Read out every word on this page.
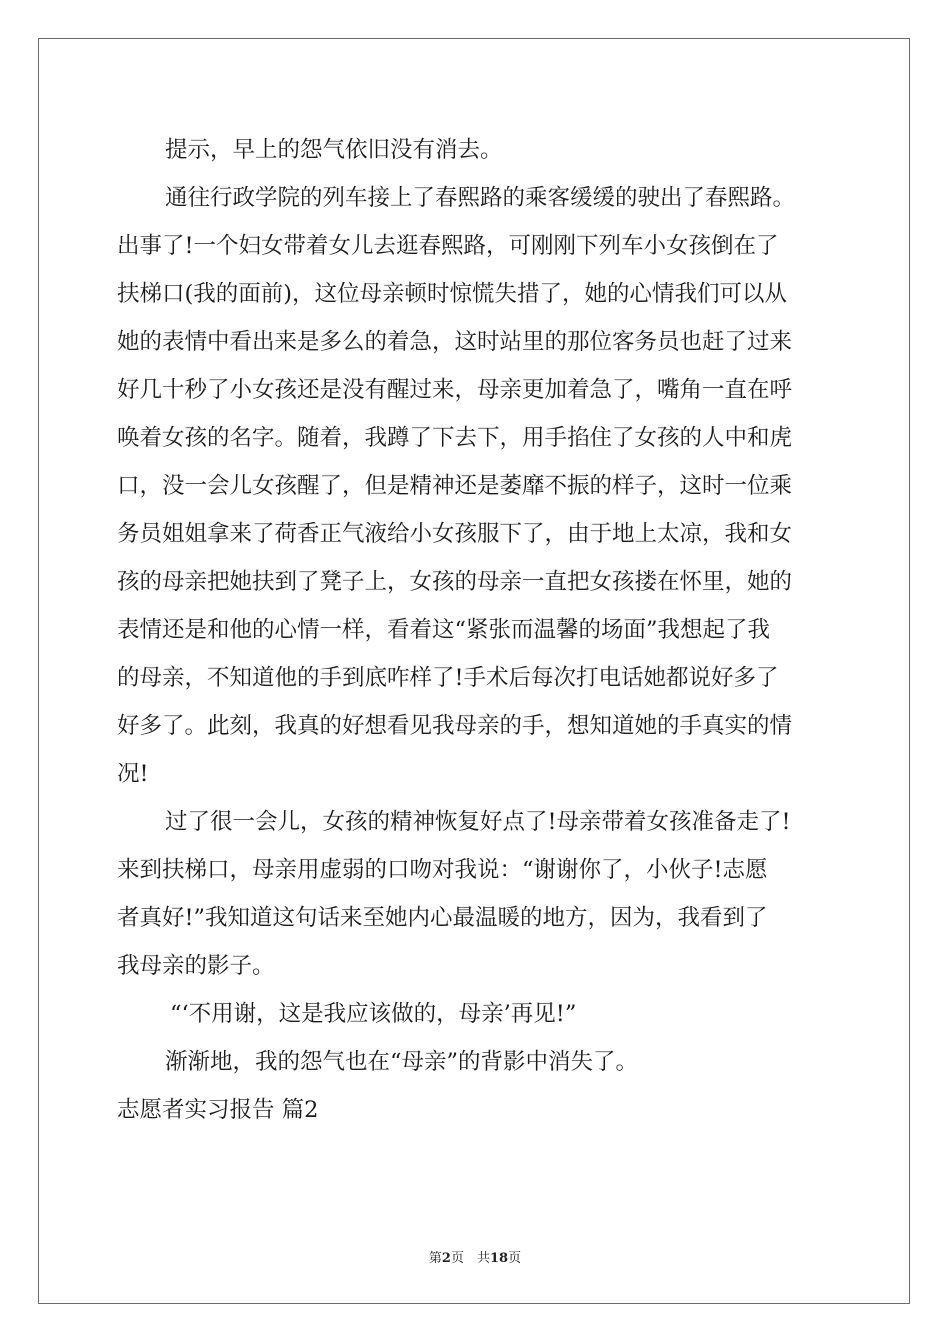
提示，早上的怨气依旧没有消去。
通往行政学院的列车接上了春熙路的乘客缓缓的驶出了春熙路。
出事了!一个妇女带着女儿去逛春熙路，可刚刚下列车小女孩倒在了
扶梯口(我的面前)，这位母亲顿时惊慌失措了，她的心情我们可以从
她的表情中看出来是多么的着急，这时站里的那位客务员也赶了过来
好几十秒了小女孩还是没有醒过来，母亲更加着急了，嘴角一直在呼
唤着女孩的名字。随着，我蹲了下去下，用手掐住了女孩的人中和虎
口，没一会儿女孩醒了，但是精神还是萎靡不振的样子，这时一位乘
务员姐姐拿来了荷香正气液给小女孩服下了，由于地上太凉，我和女
孩的母亲把她扶到了凳子上，女孩的母亲一直把女孩搂在怀里，她的
表情还是和他的心情一样，看着这“紧张而温馨的场面”我想起了我
的母亲，不知道他的手到底咋样了!手术后每次打电话她都说好多了
好多了。此刻，我真的好想看见我母亲的手，想知道她的手真实的情
况!
过了很一会儿，女孩的精神恢复好点了!母亲带着女孩准备走了!
来到扶梯口，母亲用虚弱的口吻对我说：“谢谢你了，小伙子!志愿
者真好!”我知道这句话来至她内心最温暖的地方，因为，我看到了
我母亲的影子。
“‘不用谢，这是我应该做的，母亲’再见!”
渐渐地，我的怨气也在“母亲”的背影中消失了。
志愿者实习报告 篇2
第2页　共18页
